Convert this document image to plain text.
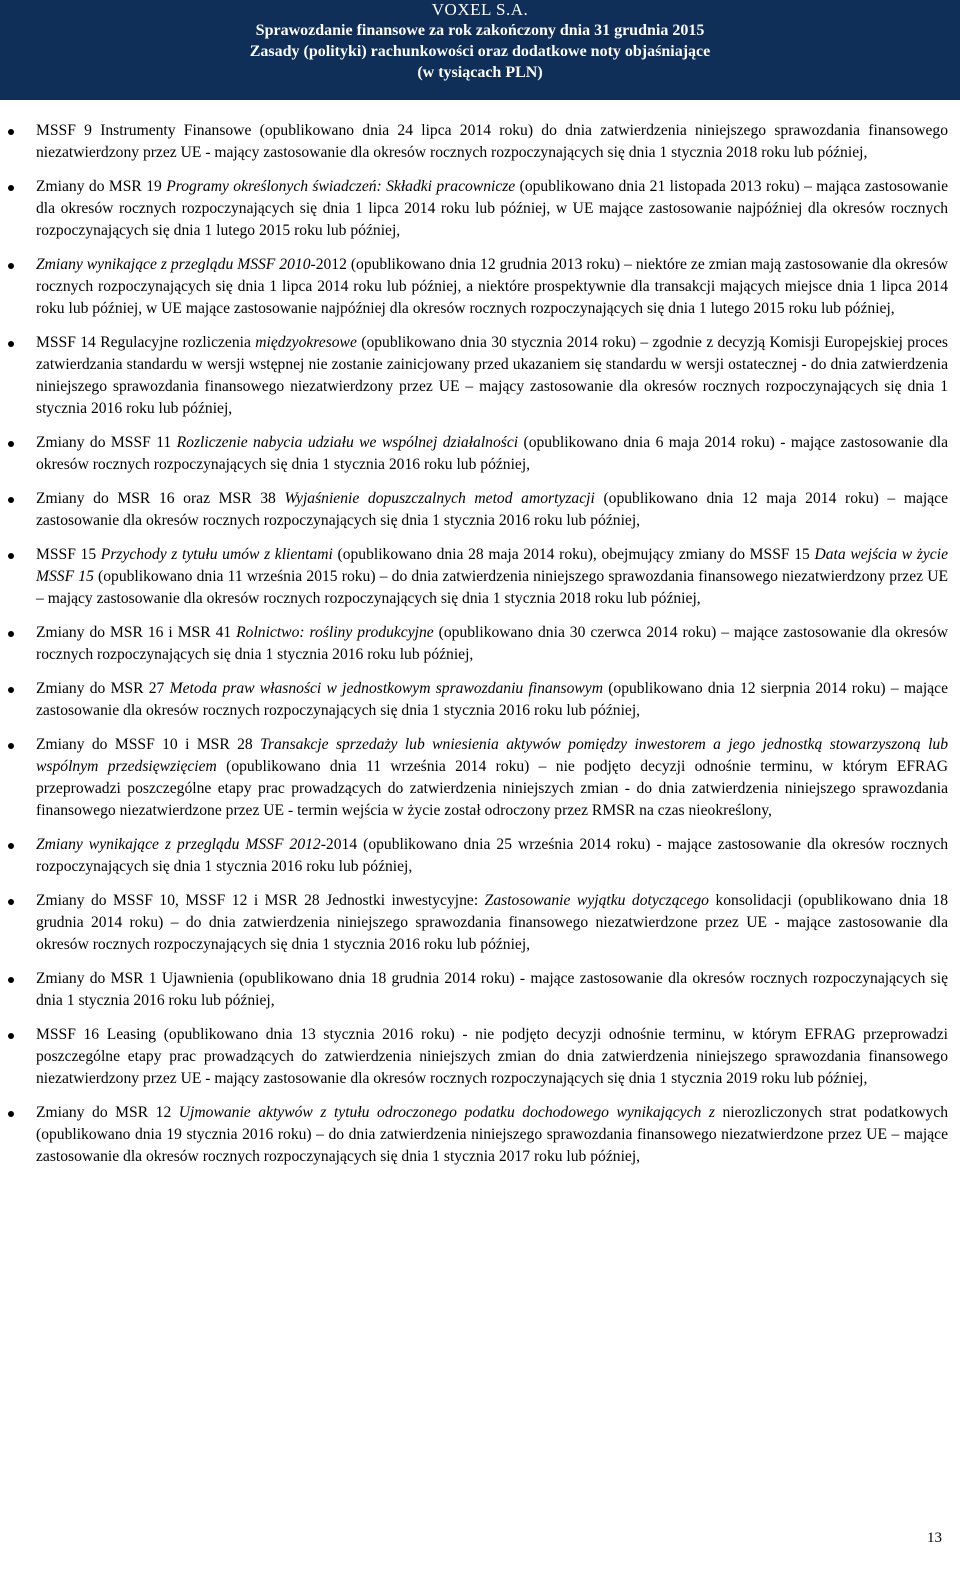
VOXEL S.A.
Sprawozdanie finansowe za rok zakończony dnia 31 grudnia 2015
Zasady (polityki) rachunkowości oraz dodatkowe noty objaśniające
(w tysiącach PLN)
MSSF 9 Instrumenty Finansowe (opublikowano dnia 24 lipca 2014 roku) do dnia zatwierdzenia niniejszego sprawozdania finansowego niezatwierdzony przez UE - mający zastosowanie dla okresów rocznych rozpoczynających się dnia 1 stycznia 2018 roku lub później,
Zmiany do MSR 19 Programy określonych świadczeń: Składki pracownicze (opublikowano dnia 21 listopada 2013 roku) – mająca zastosowanie dla okresów rocznych rozpoczynających się dnia 1 lipca 2014 roku lub później, w UE mające zastosowanie najpóźniej dla okresów rocznych rozpoczynających się dnia 1 lutego 2015 roku lub później,
Zmiany wynikające z przeglądu MSSF 2010-2012 (opublikowano dnia 12 grudnia 2013 roku) – niektóre ze zmian mają zastosowanie dla okresów rocznych rozpoczynających się dnia 1 lipca 2014 roku lub później, a niektóre prospektywnie dla transakcji mających miejsce dnia 1 lipca 2014 roku lub później, w UE mające zastosowanie najpóźniej dla okresów rocznych rozpoczynających się dnia 1 lutego 2015 roku lub później,
MSSF 14 Regulacyjne rozliczenia międzyokresowe (opublikowano dnia 30 stycznia 2014 roku) – zgodnie z decyzją Komisji Europejskiej proces zatwierdzania standardu w wersji wstępnej nie zostanie zainicjowany przed ukazaniem się standardu w wersji ostatecznej - do dnia zatwierdzenia niniejszego sprawozdania finansowego niezatwierdzony przez UE – mający zastosowanie dla okresów rocznych rozpoczynających się dnia 1 stycznia 2016 roku lub później,
Zmiany do MSSF 11 Rozliczenie nabycia udziału we wspólnej działalności (opublikowano dnia 6 maja 2014 roku) - mające zastosowanie dla okresów rocznych rozpoczynających się dnia 1 stycznia 2016 roku lub później,
Zmiany do MSR 16 oraz MSR 38 Wyjaśnienie dopuszczalnych metod amortyzacji (opublikowano dnia 12 maja 2014 roku) – mające zastosowanie dla okresów rocznych rozpoczynających się dnia 1 stycznia 2016 roku lub później,
MSSF 15 Przychody z tytułu umów z klientami (opublikowano dnia 28 maja 2014 roku), obejmujący zmiany do MSSF 15 Data wejścia w życie MSSF 15 (opublikowano dnia 11 września 2015 roku) – do dnia zatwierdzenia niniejszego sprawozdania finansowego niezatwierdzony przez UE – mający zastosowanie dla okresów rocznych rozpoczynających się dnia 1 stycznia 2018 roku lub później,
Zmiany do MSR 16 i MSR 41 Rolnictwo: rośliny produkcyjne (opublikowano dnia 30 czerwca 2014 roku) – mające zastosowanie dla okresów rocznych rozpoczynających się dnia 1 stycznia 2016 roku lub później,
Zmiany do MSR 27 Metoda praw własności w jednostkowym sprawozdaniu finansowym (opublikowano dnia 12 sierpnia 2014 roku) – mające zastosowanie dla okresów rocznych rozpoczynających się dnia 1 stycznia 2016 roku lub później,
Zmiany do MSSF 10 i MSR 28 Transakcje sprzedaży lub wniesienia aktywów pomiędzy inwestorem a jego jednostką stowarzyszoną lub wspólnym przedsięwzięciem (opublikowano dnia 11 września 2014 roku) – nie podjęto decyzji odnośnie terminu, w którym EFRAG przeprowadzi poszczególne etapy prac prowadzących do zatwierdzenia niniejszych zmian - do dnia zatwierdzenia niniejszego sprawozdania finansowego niezatwierdzone przez UE - termin wejścia w życie został odroczony przez RMSR na czas nieokreślony,
Zmiany wynikające z przeglądu MSSF 2012-2014 (opublikowano dnia 25 września 2014 roku) - mające zastosowanie dla okresów rocznych rozpoczynających się dnia 1 stycznia 2016 roku lub później,
Zmiany do MSSF 10, MSSF 12 i MSR 28 Jednostki inwestycyjne: Zastosowanie wyjątku dotyczącego konsolidacji (opublikowano dnia 18 grudnia 2014 roku) – do dnia zatwierdzenia niniejszego sprawozdania finansowego niezatwierdzone przez UE - mające zastosowanie dla okresów rocznych rozpoczynających się dnia 1 stycznia 2016 roku lub później,
Zmiany do MSR 1 Ujawnienia (opublikowano dnia 18 grudnia 2014 roku) - mające zastosowanie dla okresów rocznych rozpoczynających się dnia 1 stycznia 2016 roku lub później,
MSSF 16 Leasing (opublikowano dnia 13 stycznia 2016 roku) - nie podjęto decyzji odnośnie terminu, w którym EFRAG przeprowadzi poszczególne etapy prac prowadzących do zatwierdzenia niniejszych zmian do dnia zatwierdzenia niniejszego sprawozdania finansowego niezatwierdzony przez UE - mający zastosowanie dla okresów rocznych rozpoczynających się dnia 1 stycznia 2019 roku lub później,
Zmiany do MSR 12 Ujmowanie aktywów z tytułu odroczonego podatku dochodowego wynikających z nierozliczonych strat podatkowych (opublikowano dnia 19 stycznia 2016 roku) – do dnia zatwierdzenia niniejszego sprawozdania finansowego niezatwierdzone przez UE – mające zastosowanie dla okresów rocznych rozpoczynających się dnia 1 stycznia 2017 roku lub później,
13
